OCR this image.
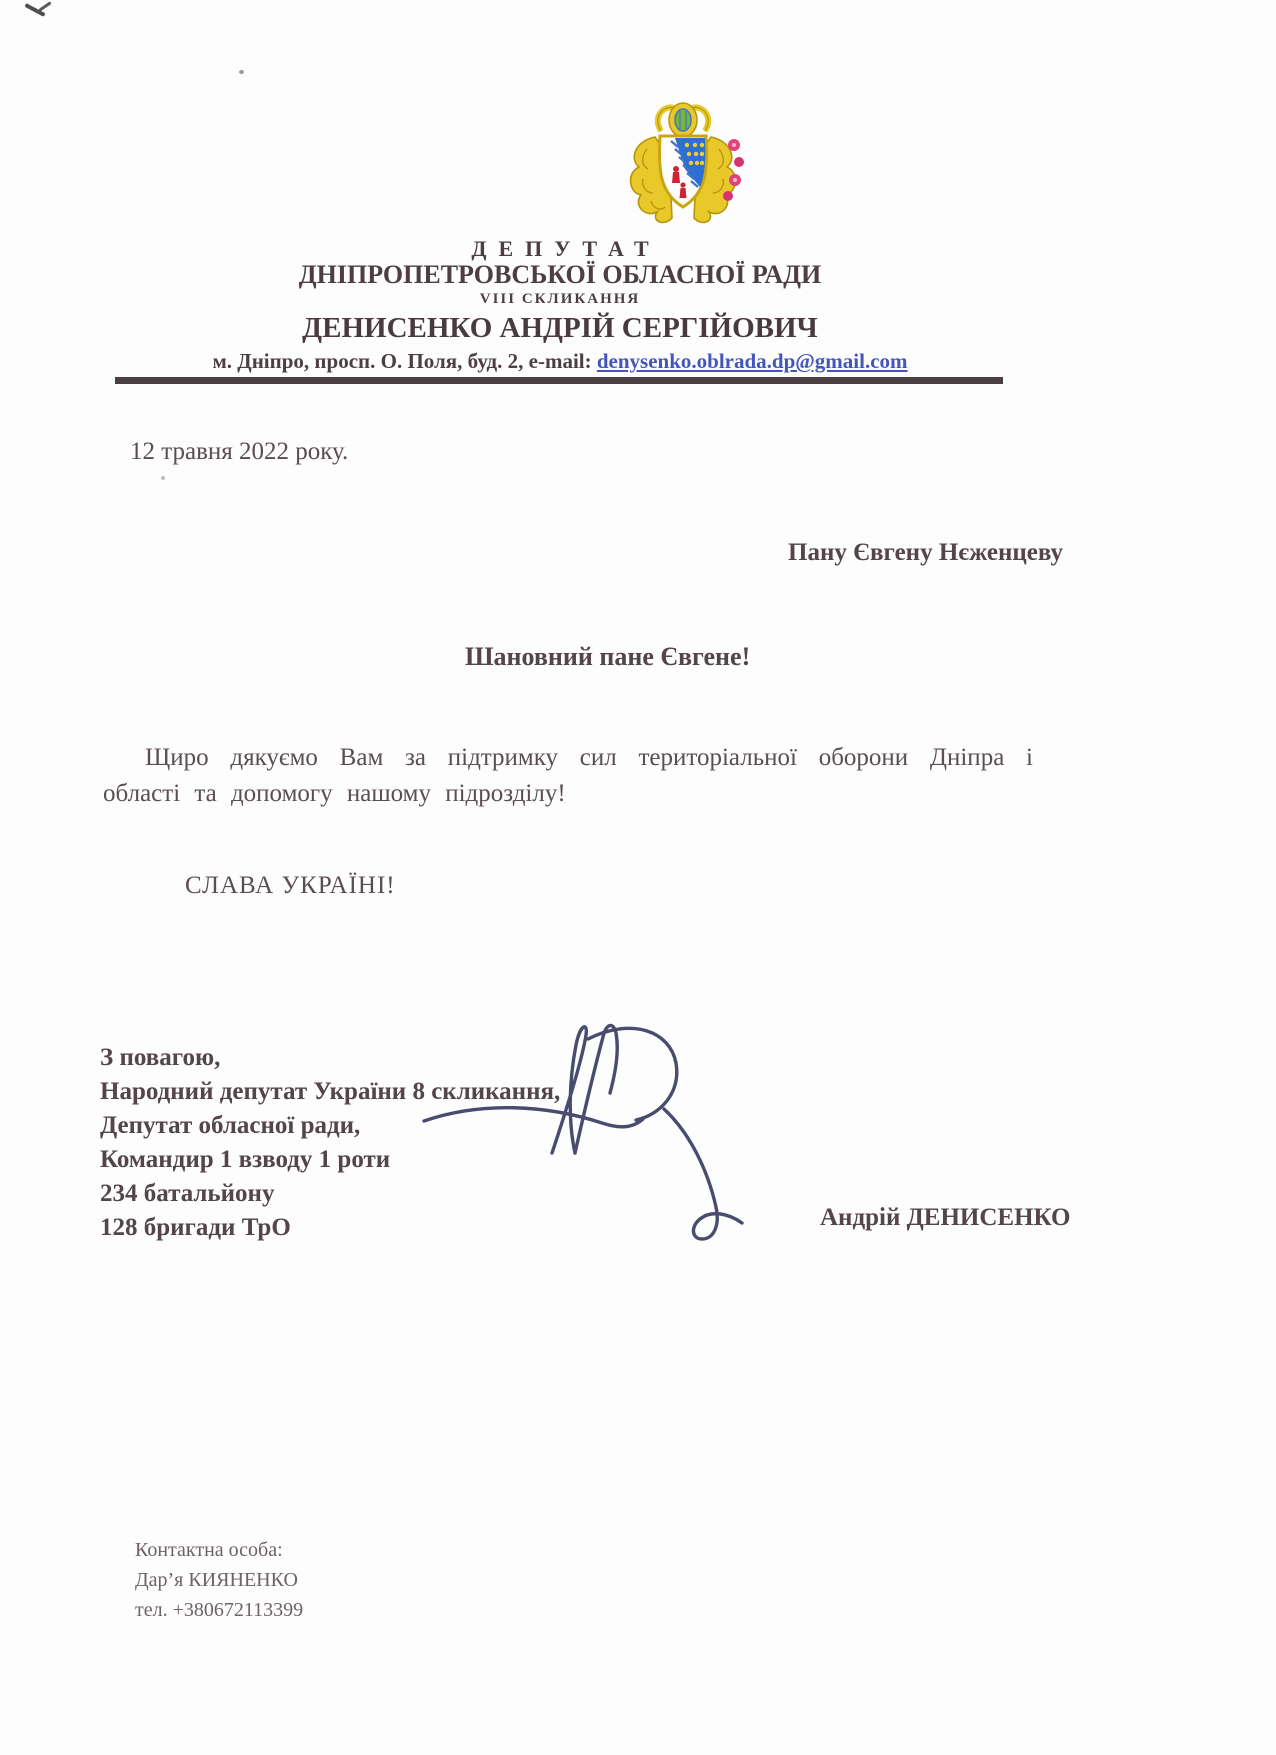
ДЕПУТАТ
ДНІПРОПЕТРОВСЬКОЇ ОБЛАСНОЇ РАДИ
VIII СКЛИКАННЯ
ДЕНИСЕНКО АНДРІЙ СЕРГІЙОВИЧ
м. Дніпро, просп. О. Поля, буд. 2, e-mail: denysenko.oblrada.dp@gmail.com
12 травня 2022 року.
Пану Євгену Нєженцеву
Шановний пане Євгене!
Щиро дякуємо Вам за підтримку сил територіальної оборони Дніпра і області та допомогу нашому підрозділу!
СЛАВА УКРАЇНІ!
З повагою,
Народний депутат України 8 скликання,
Депутат обласної ради,
Командир 1 взводу 1 роти
234 батальйону
128 бригади ТрО	Андрій ДЕНИСЕНКО
Контактна особа:
Дар’я КИЯНЕНКО
тел. +380672113399
